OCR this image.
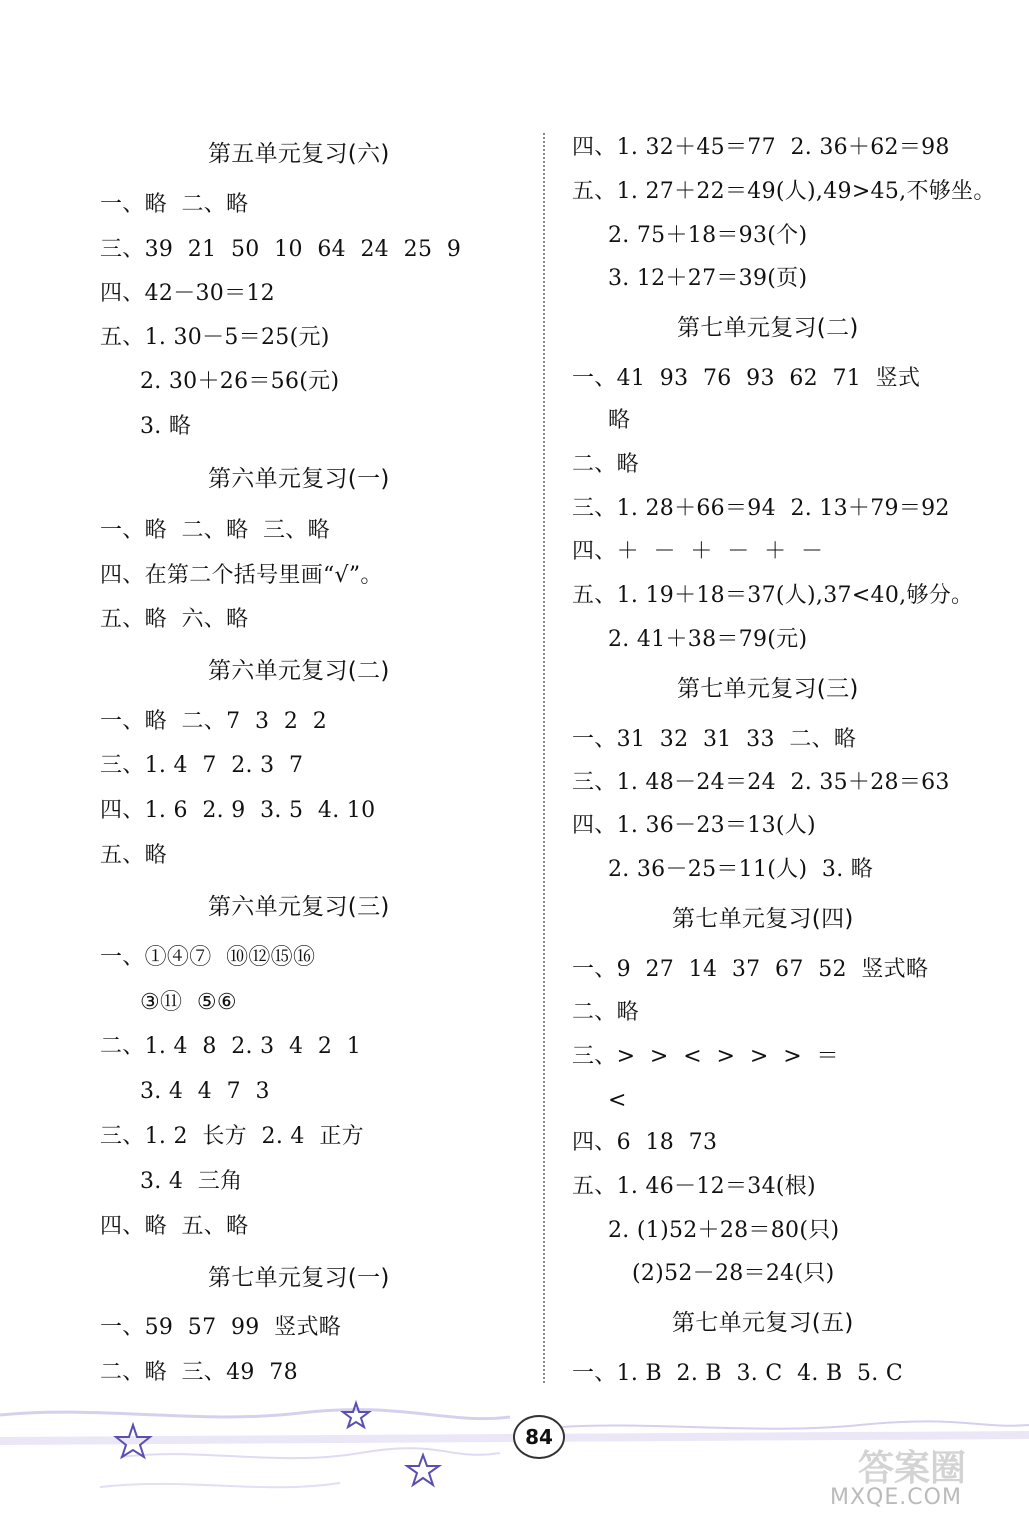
第五单元复习(六)
一、略  二、略
三、39  21  50  10  64  24  25  9
四、42－30＝12
五、1. 30－5＝25(元)
2. 30＋26＝56(元)
3. 略
第六单元复习(一)
一、略  二、略  三、略
四、在第二个括号里画“√”。
五、略  六、略
第六单元复习(二)
一、略  二、7  3  2  2
三、1. 4  7  2. 3  7
四、1. 6  2. 9  3. 5  4. 10
五、略
第六单元复习(三)
一、①④⑦  ⑩⑫⑮⑯
③⑪  ⑤⑥
二、1. 4  8  2. 3  4  2  1
3. 4  4  7  3
三、1. 2  长方  2. 4  正方
3. 4  三角
四、略  五、略
第七单元复习(一)
一、59  57  99  竖式略
二、略  三、49  78
四、1. 32＋45＝77  2. 36＋62＝98
五、1. 27＋22＝49(人),49>45,不够坐。
2. 75＋18＝93(个)
3. 12＋27＝39(页)
第七单元复习(二)
一、41  93  76  93  62  71  竖式
略
二、略
三、1. 28＋66＝94  2. 13＋79＝92
四、＋  －  ＋  －  ＋  －
五、1. 19＋18＝37(人),37<40,够分。
2. 41＋38＝79(元)
第七单元复习(三)
一、31  32  31  33  二、略
三、1. 48－24＝24  2. 35＋28＝63
四、1. 36－23＝13(人)
2. 36－25＝11(人)  3. 略
第七单元复习(四)
一、9  27  14  37  67  52  竖式略
二、略
三、>  >  <  >  >  >  ＝
<
四、6  18  73
五、1. 46－12＝34(根)
2. (1)52＋28＝80(只)
(2)52－28＝24(只)
第七单元复习(五)
一、1. B  2. B  3. C  4. B  5. C
84
答案圈
MXQE.COM
